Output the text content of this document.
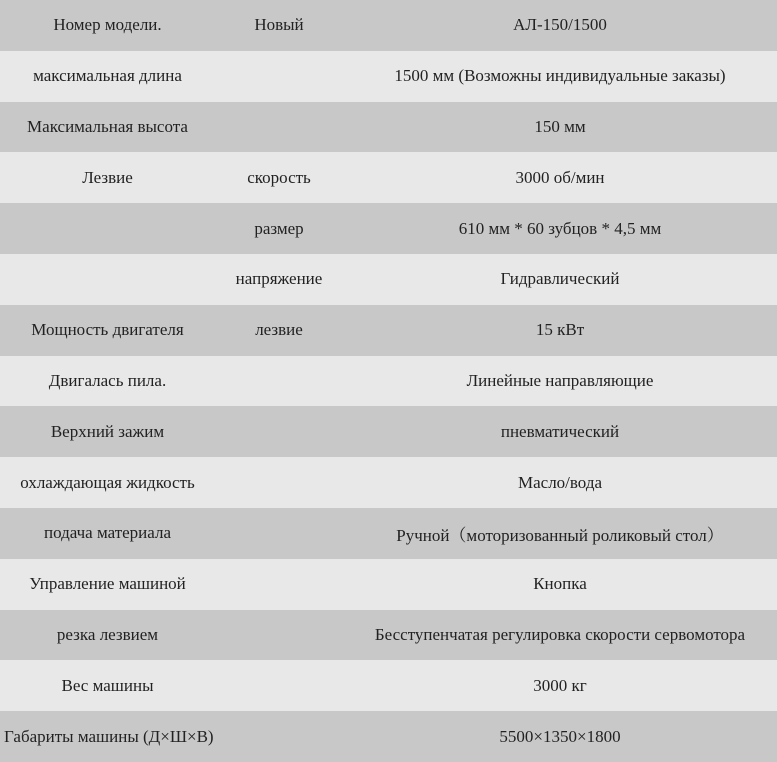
Номер модели.	Новый	АЛ-150/1500
максимальная длина		1500 мм (Возможны индивидуальные заказы)
Максимальная высота		150 мм
Лезвие	скорость	3000 об/мин
	размер	610 мм * 60 зубцов * 4,5 мм
	напряжение	Гидравлический
Мощность двигателя	лезвие	15 кВт
Двигалась пила.		Линейные направляющие
Верхний зажим		пневматический
охлаждающая жидкость		Масло/вода
подача материала		Ручной（моторизованный роликовый стол）
Управление машиной		Кнопка
резка лезвием		Бесступенчатая регулировка скорости сервомотора
Вес машины		3000 кг
Габариты машины (Д×Ш×В)		5500×1350×1800
